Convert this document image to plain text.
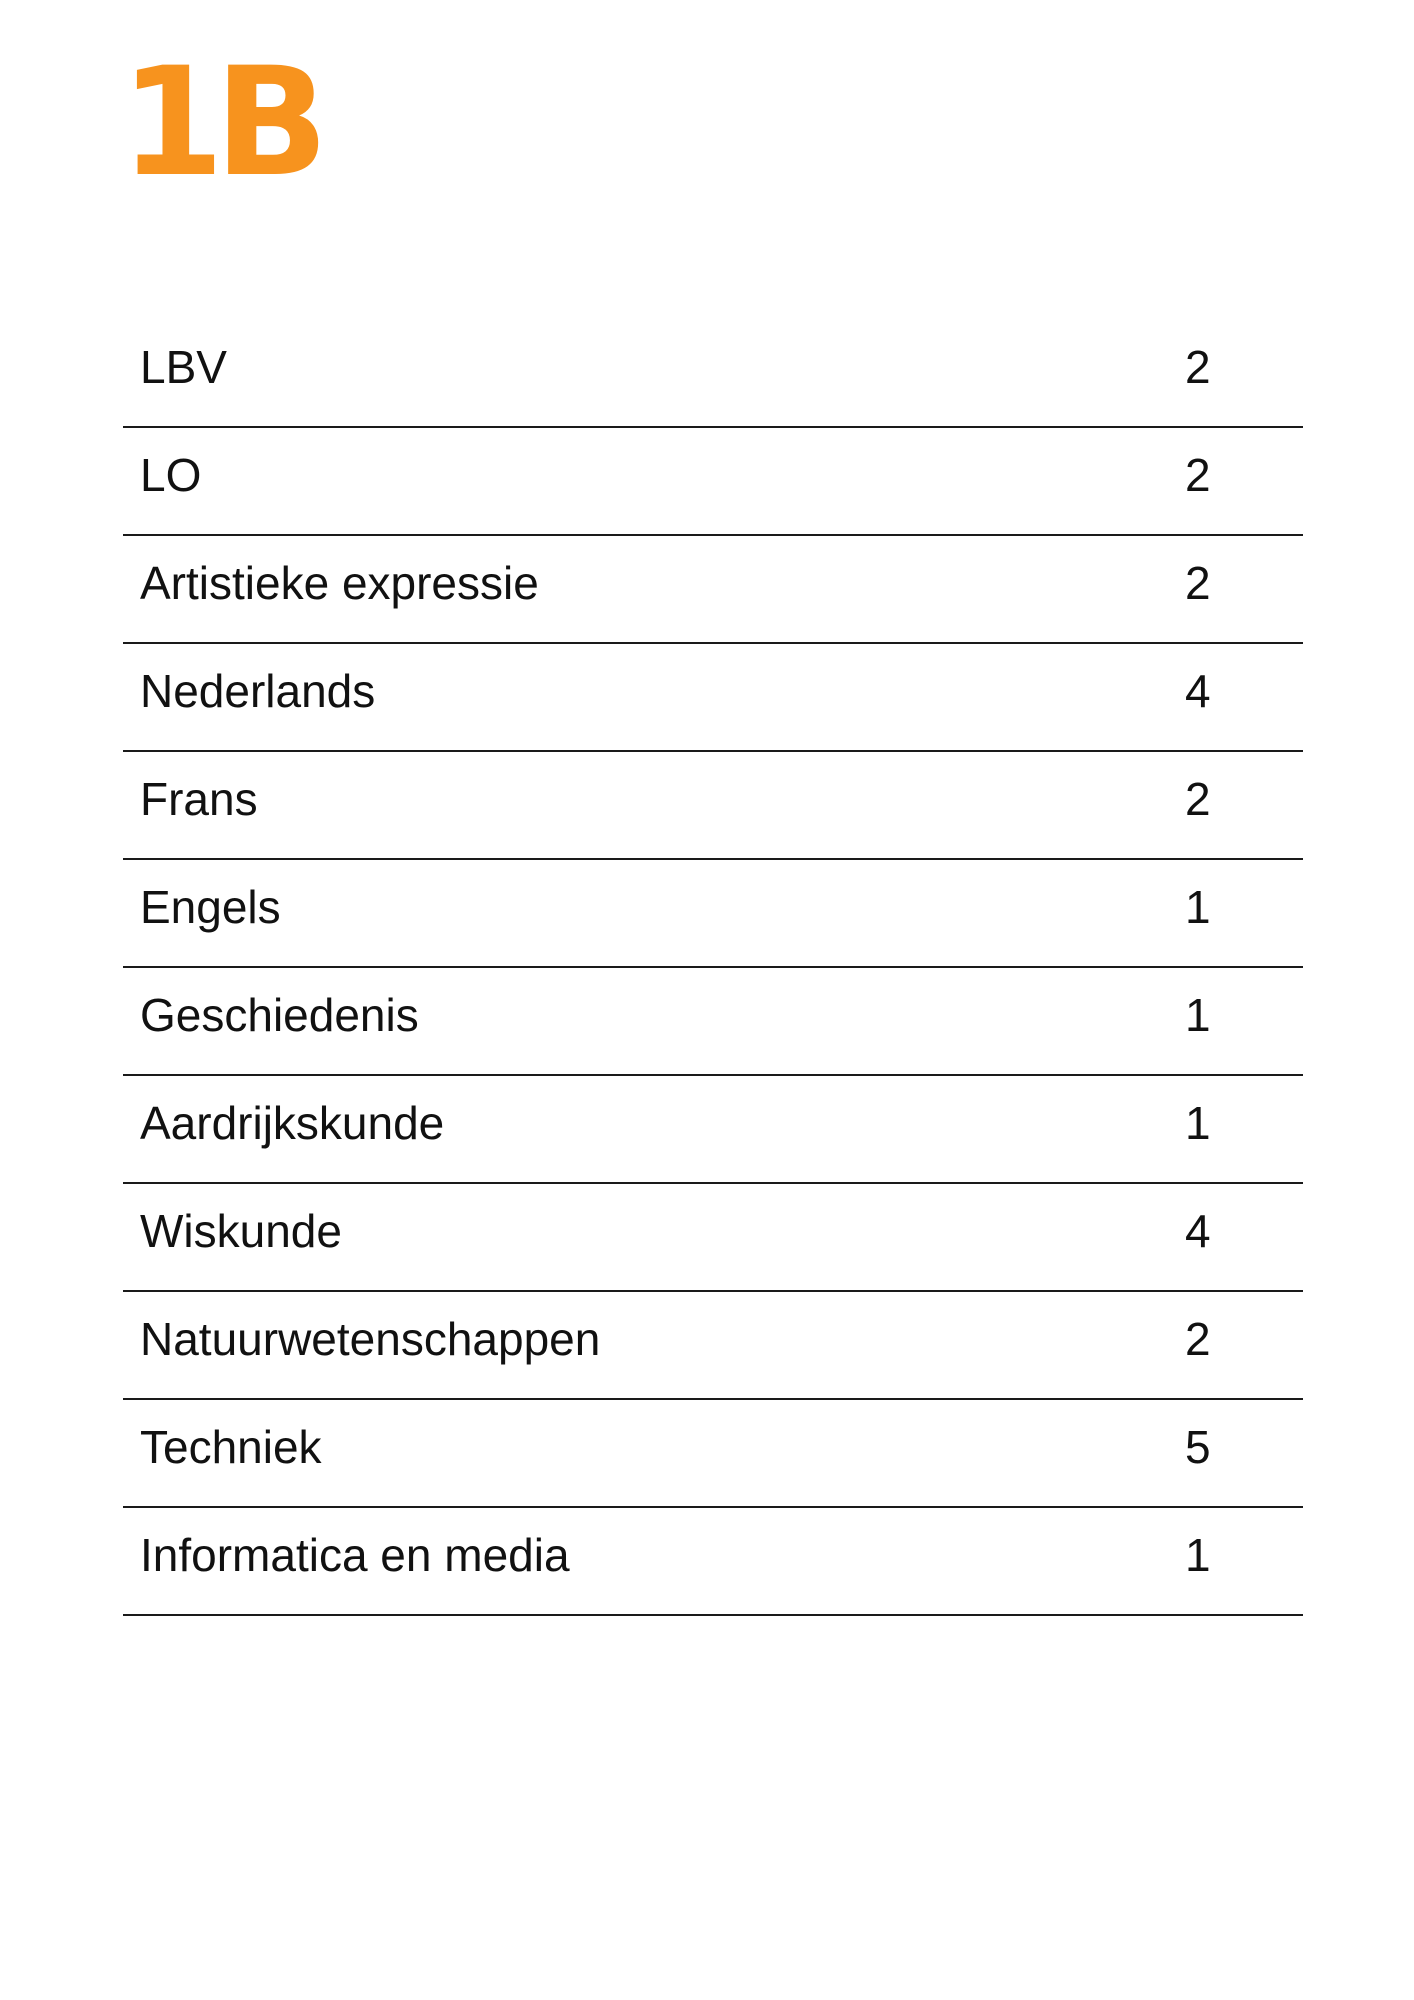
1B
LBV	2
LO	2
Artistieke expressie	2
Nederlands	4
Frans	2
Engels	1
Geschiedenis	1
Aardrijkskunde	1
Wiskunde	4
Natuurwetenschappen	2
Techniek	5
Informatica en media	1
